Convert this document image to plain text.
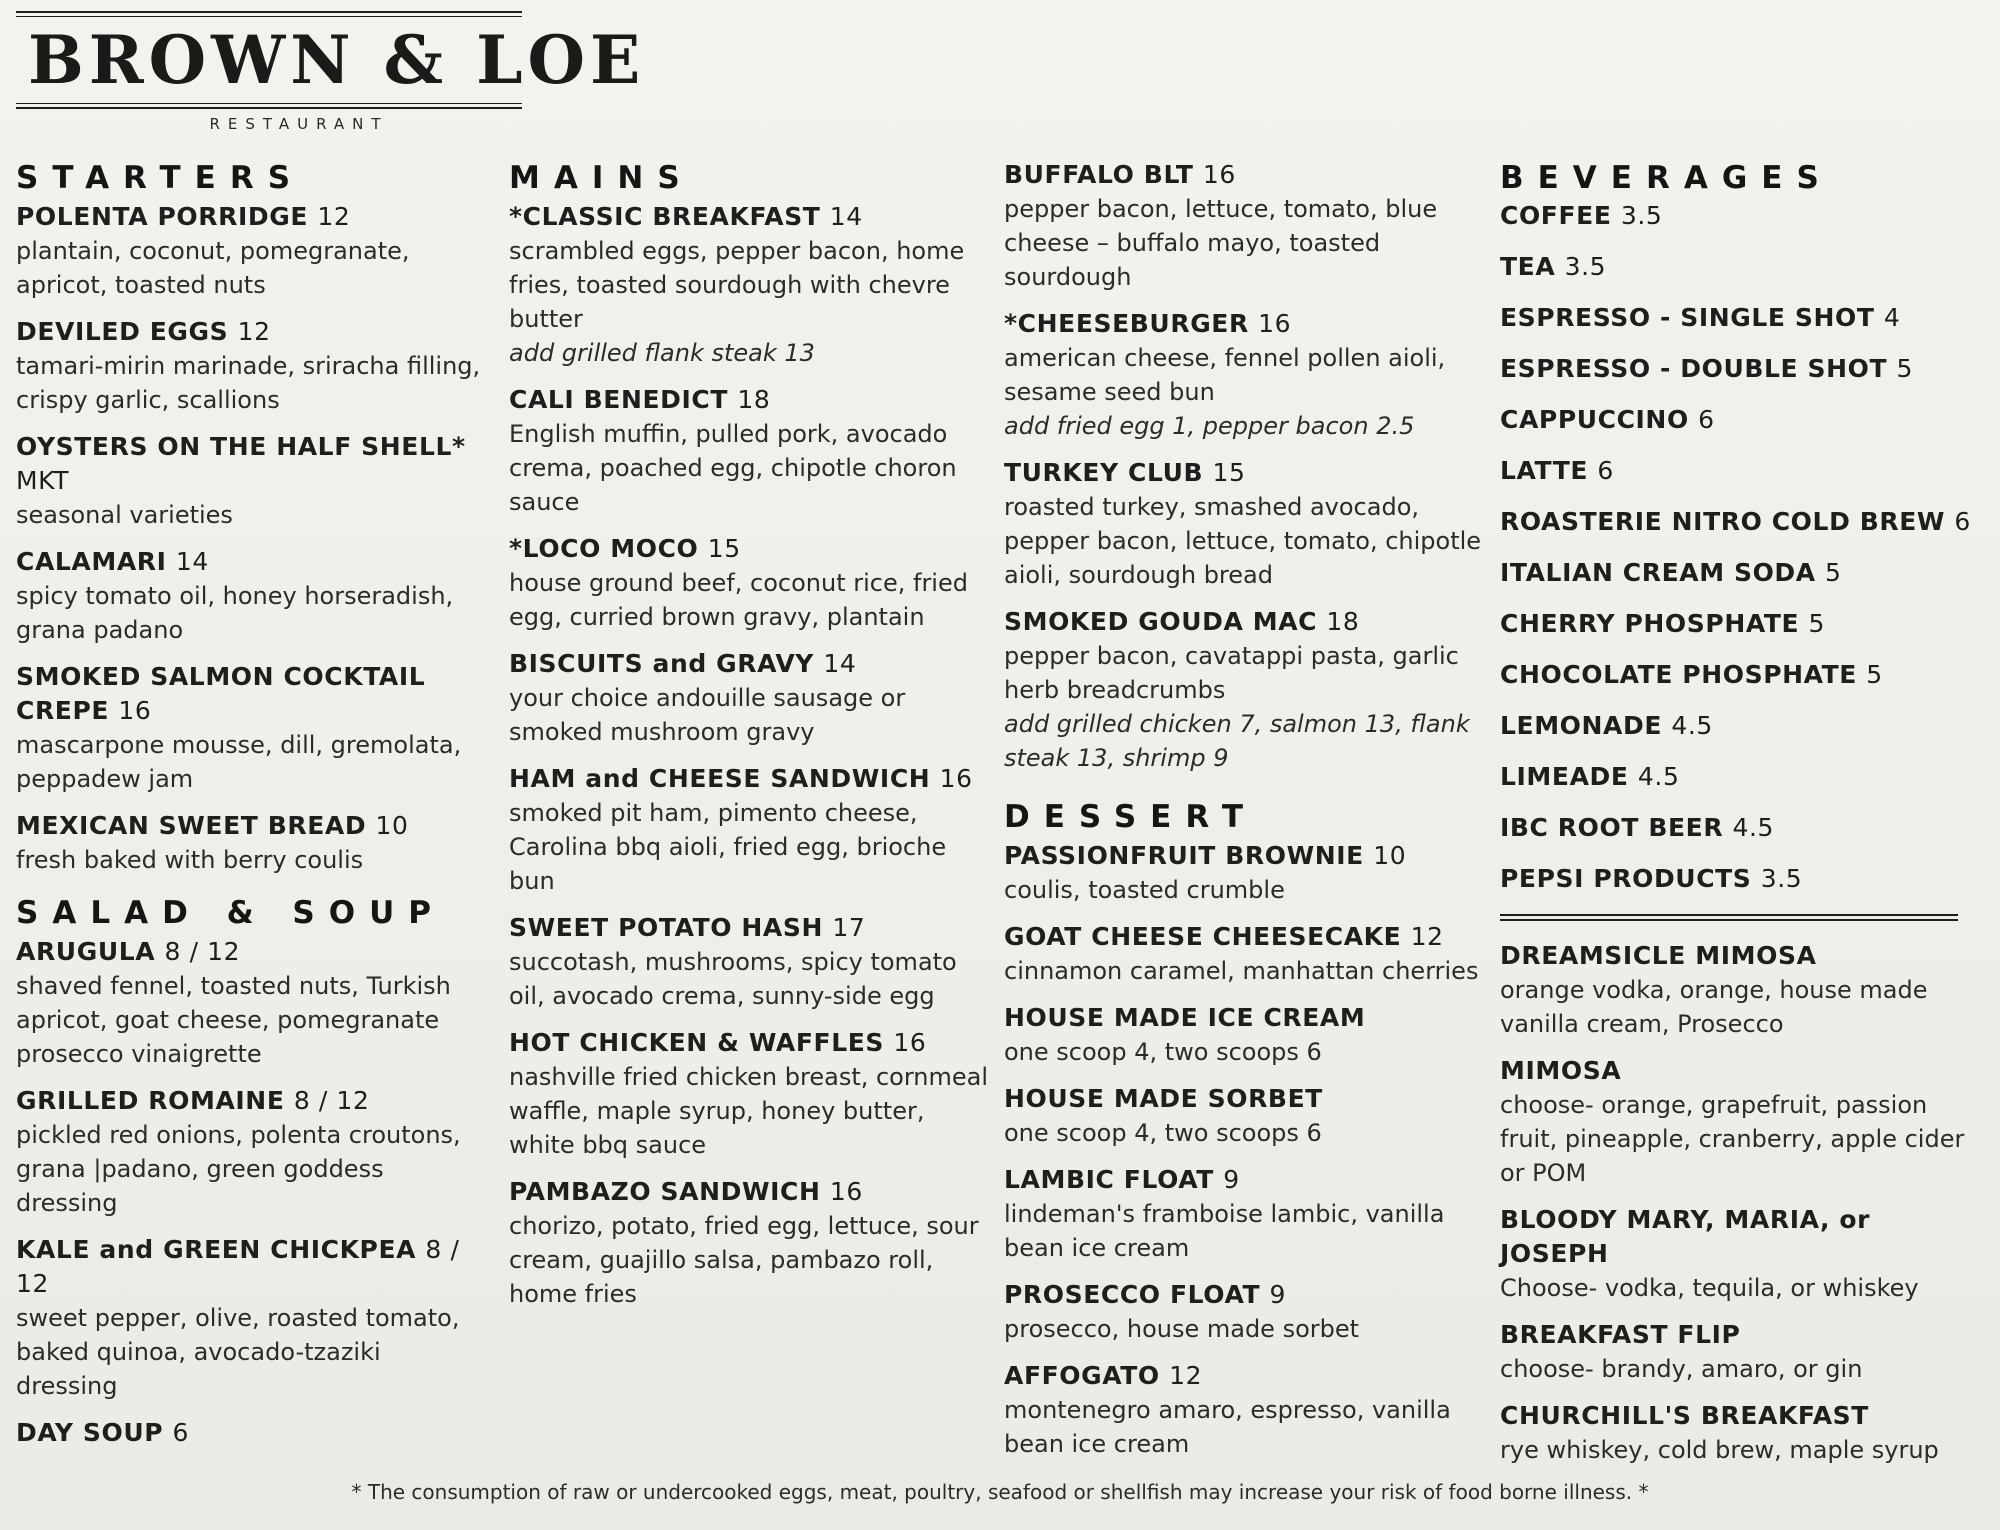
BROWN & LOE
RESTAURANT
STARTERS
POLENTA PORRIDGE 12
plantain, coconut, pomegranate, apricot, toasted nuts
DEVILED EGGS 12
tamari-mirin marinade, sriracha filling, crispy garlic, scallions
OYSTERS ON THE HALF SHELL* MKT
seasonal varieties
CALAMARI 14
spicy tomato oil, honey horseradish, grana padano
SMOKED SALMON COCKTAIL CREPE 16
mascarpone mousse, dill, gremolata, peppadew jam
MEXICAN SWEET BREAD 10
fresh baked with berry coulis
SALAD & SOUP
ARUGULA 8 / 12
shaved fennel, toasted nuts, Turkish apricot, goat cheese, pomegranate prosecco vinaigrette
GRILLED ROMAINE 8 / 12
pickled red onions, polenta croutons, grana |padano, green goddess dressing
KALE and GREEN CHICKPEA 8 / 12
sweet pepper, olive, roasted tomato, baked quinoa, avocado-tzaziki dressing
DAY SOUP 6
MAINS
*CLASSIC BREAKFAST 14
scrambled eggs, pepper bacon, home fries, toasted sourdough with chevre butter
add grilled flank steak 13
CALI BENEDICT 18
English muffin, pulled pork, avocado crema, poached egg, chipotle choron sauce
*LOCO MOCO 15
house ground beef, coconut rice, fried egg, curried brown gravy, plantain
BISCUITS and GRAVY 14
your choice andouille sausage or smoked mushroom gravy
HAM and CHEESE SANDWICH 16
smoked pit ham, pimento cheese, Carolina bbq aioli, fried egg, brioche bun
SWEET POTATO HASH 17
succotash, mushrooms, spicy tomato oil, avocado crema, sunny-side egg
HOT CHICKEN & WAFFLES 16
nashville fried chicken breast, cornmeal waffle, maple syrup, honey butter, white bbq sauce
PAMBAZO SANDWICH 16
chorizo, potato, fried egg, lettuce, sour cream, guajillo salsa, pambazo roll, home fries
BUFFALO BLT 16
pepper bacon, lettuce, tomato, blue cheese – buffalo mayo, toasted sourdough
*CHEESEBURGER 16
american cheese, fennel pollen aioli, sesame seed bun
add fried egg 1, pepper bacon 2.5
TURKEY CLUB 15
roasted turkey, smashed avocado, pepper bacon, lettuce, tomato, chipotle aioli, sourdough bread
SMOKED GOUDA MAC 18
pepper bacon, cavatappi pasta, garlic herb breadcrumbs
add grilled chicken 7, salmon 13, flank steak 13, shrimp 9
DESSERT
PASSIONFRUIT BROWNIE 10
coulis, toasted crumble
GOAT CHEESE CHEESECAKE 12
cinnamon caramel, manhattan cherries
HOUSE MADE ICE CREAM
one scoop 4, two scoops 6
HOUSE MADE SORBET
one scoop 4, two scoops 6
LAMBIC FLOAT 9
lindeman's framboise lambic, vanilla bean ice cream
PROSECCO FLOAT 9
prosecco, house made sorbet
AFFOGATO 12
montenegro amaro, espresso, vanilla bean ice cream
BEVERAGES
COFFEE 3.5
TEA 3.5
ESPRESSO - SINGLE SHOT 4
ESPRESSO - DOUBLE SHOT 5
CAPPUCCINO 6
LATTE 6
ROASTERIE NITRO COLD BREW 6
ITALIAN CREAM SODA 5
CHERRY PHOSPHATE 5
CHOCOLATE PHOSPHATE 5
LEMONADE 4.5
LIMEADE 4.5
IBC ROOT BEER 4.5
PEPSI PRODUCTS 3.5
DREAMSICLE MIMOSA
orange vodka, orange, house made vanilla cream, Prosecco
MIMOSA
choose- orange, grapefruit, passion fruit, pineapple, cranberry, apple cider or POM
BLOODY MARY, MARIA, or JOSEPH
Choose- vodka, tequila, or whiskey
BREAKFAST FLIP
choose- brandy, amaro, or gin
CHURCHILL'S BREAKFAST
rye whiskey, cold brew, maple syrup
* The consumption of raw or undercooked eggs, meat, poultry, seafood or shellfish may increase your risk of food borne illness. *
